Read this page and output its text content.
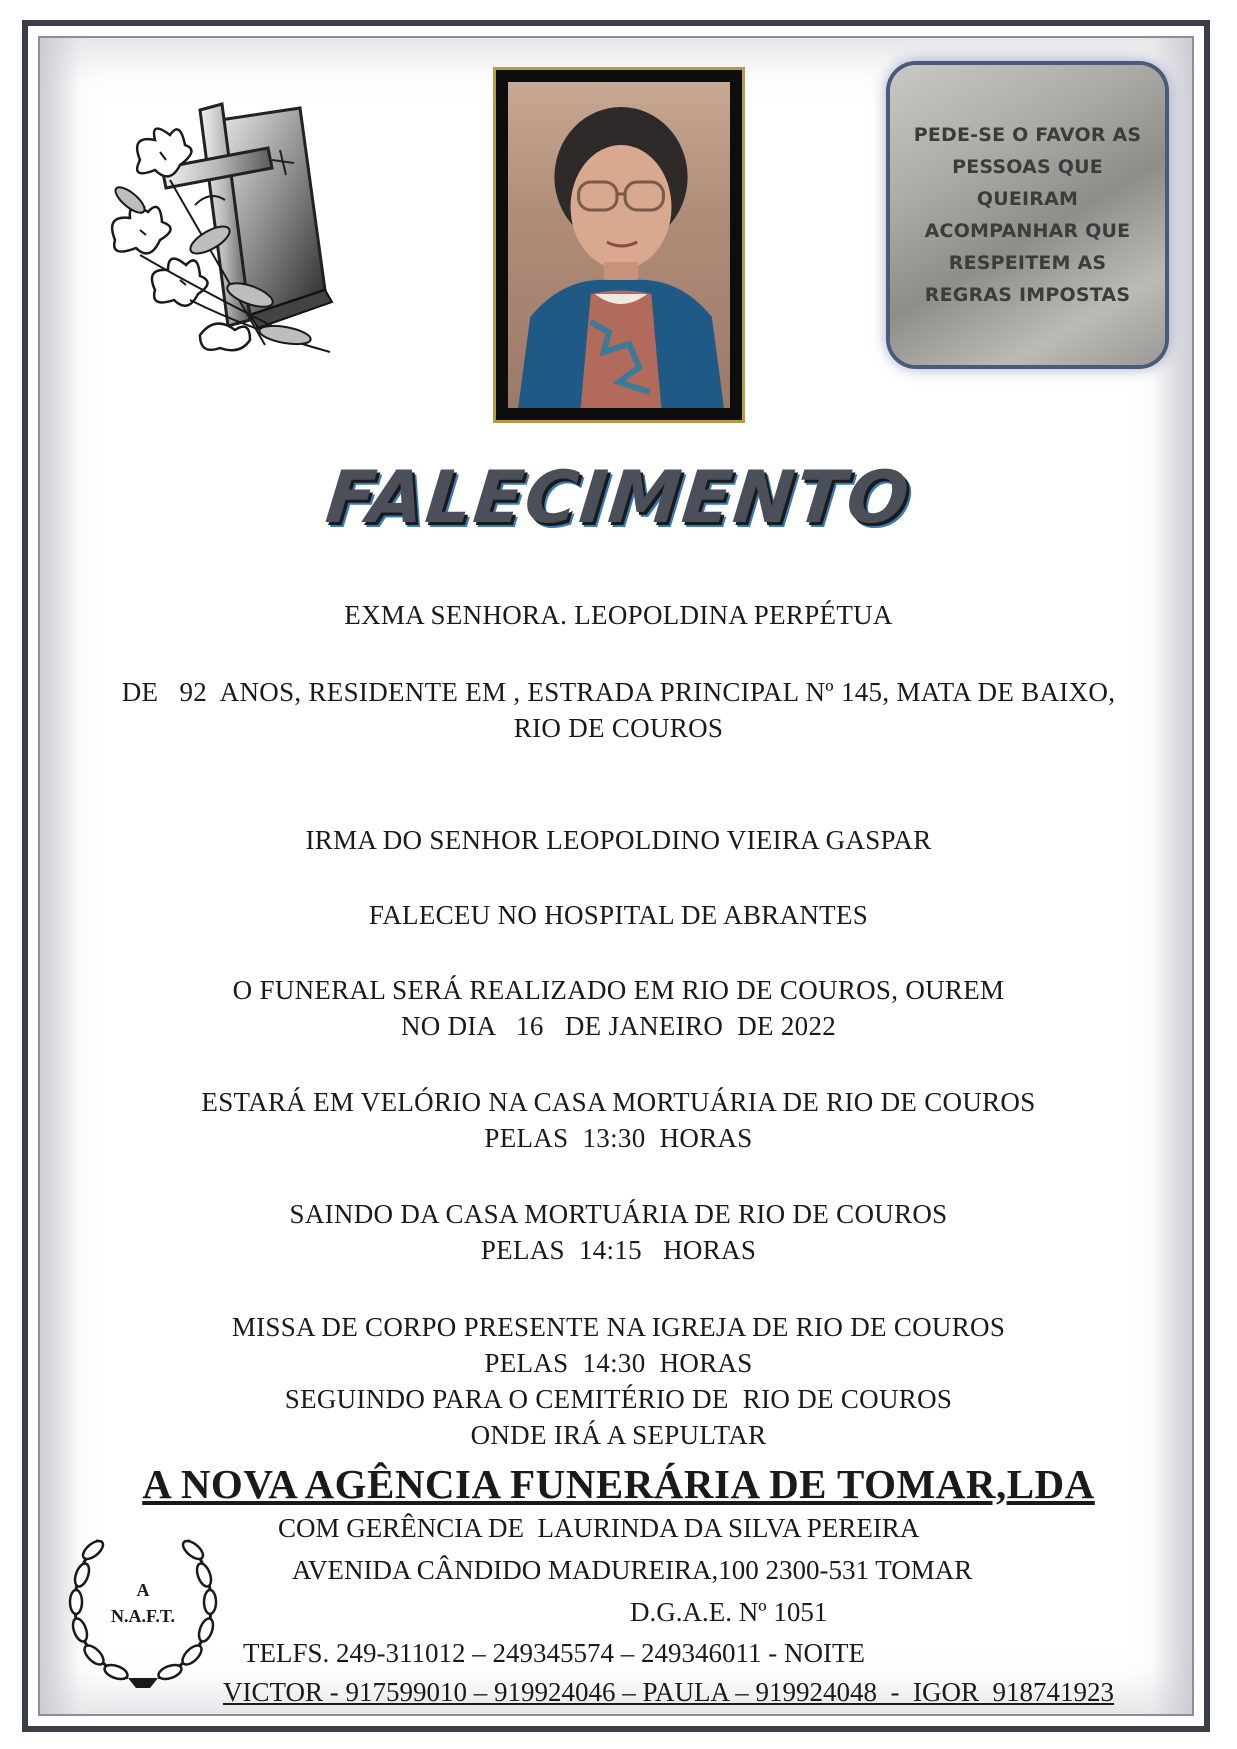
PEDE-SE O FAVOR AS
PESSOAS QUE
QUEIRAM
ACOMPANHAR QUE
RESPEITEM AS
REGRAS IMPOSTAS
FALECIMENTO
EXMA SENHORA. LEOPOLDINA PERPÉTUA
DE   92  ANOS, RESIDENTE EM , ESTRADA PRINCIPAL Nº 145, MATA DE BAIXO,
RIO DE COUROS
IRMA DO SENHOR LEOPOLDINO VIEIRA GASPAR
FALECEU NO HOSPITAL DE ABRANTES
O FUNERAL SERÁ REALIZADO EM RIO DE COUROS, OUREM
NO DIA   16   DE JANEIRO  DE 2022
ESTARÁ EM VELÓRIO NA CASA MORTUÁRIA DE RIO DE COUROS
PELAS  13:30  HORAS
SAINDO DA CASA MORTUÁRIA DE RIO DE COUROS
PELAS  14:15   HORAS
MISSA DE CORPO PRESENTE NA IGREJA DE RIO DE COUROS
PELAS  14:30  HORAS
SEGUINDO PARA O CEMITÉRIO DE  RIO DE COUROS
ONDE IRÁ A SEPULTAR
A NOVA AGÊNCIA FUNERÁRIA DE TOMAR,LDA
A
N.A.F.T.
COM GERÊNCIA DE  LAURINDA DA SILVA PEREIRA
AVENIDA CÂNDIDO MADUREIRA,100 2300-531 TOMAR
D.G.A.E. Nº 1051
TELFS. 249-311012 – 249345574 – 249346011 - NOITE
VICTOR - 917599010 – 919924046 – PAULA – 919924048  -  IGOR  918741923
